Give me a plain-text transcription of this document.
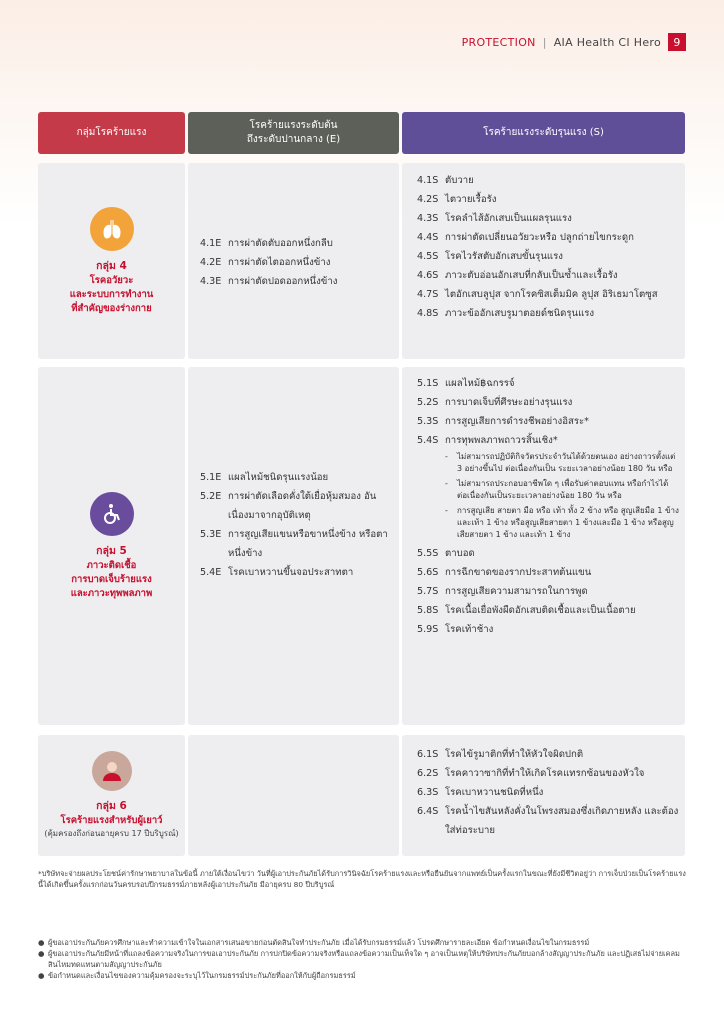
PROTECTION | AIA Health CI Hero	9
กลุ่มโรคร้ายแรง
โรคร้ายแรงระดับต้น
ถึงระดับปานกลาง (E)
โรคร้ายแรงระดับรุนแรง (S)
กลุ่ม 4
โรคอวัยวะ
และระบบการทำงาน
ที่สำคัญของร่างกาย
4.1E การผ่าตัดตับออกหนึ่งกลีบ
4.2E การผ่าตัดไตออกหนึ่งข้าง
4.3E การผ่าตัดปอดออกหนึ่งข้าง
4.1S ตับวาย
4.2S ไตวายเรื้อรัง
4.3S โรคลำไส้อักเสบเป็นแผลรุนแรง
4.4S การผ่าตัดเปลี่ยนอวัยวะหรือ ปลูกถ่ายไขกระดูก
4.5S โรคไวรัสตับอักเสบขั้นรุนแรง
4.6S ภาวะตับอ่อนอักเสบที่กลับเป็นซ้ำและเรื้อรัง
4.7S ไตอักเสบลูปุส จากโรคซิสเต็มมิค ลูปุส อิริเธมาโตซูส
4.8S ภาวะข้ออักเสบรูมาตอยด์ชนิดรุนแรง
กลุ่ม 5
ภาวะติดเชื้อ
การบาดเจ็บร้ายแรง
และภาวะทุพพลภาพ
5.1E แผลไหม้ชนิดรุนแรงน้อย
5.2E การผ่าตัดเลือดคั่งใต้เยื่อหุ้มสมอง อันเนื่องมาจากอุบัติเหตุ
5.3E การสูญเสียแขนหรือขาหนึ่งข้าง หรือตาหนึ่งข้าง
5.4E โรคเบาหวานขึ้นจอประสาทตา
5.1S แผลไหม้฿ฉกรรจ์
5.2S การบาดเจ็บที่ศีรษะอย่างรุนแรง
5.3S การสูญเสียการดำรงชีพอย่างอิสระ*
5.4S การทุพพลภาพถาวรสิ้นเชิง*
-	ไม่สามารถปฏิบัติกิจวัตรประจำวันได้ด้วยตนเอง อย่างถาวรตั้งแต่ 3 อย่างขึ้นไป ต่อเนื่องกันเป็น ระยะเวลาอย่างน้อย 180 วัน หรือ
-	ไม่สามารถประกอบอาชีพใด ๆ เพื่อรับค่าตอบแทน หรือกำไรได้ ต่อเนื่องกันเป็นระยะเวลาอย่างน้อย 180 วัน หรือ
-	การสูญเสีย สายตา มือ หรือ เท้า ทั้ง 2 ข้าง หรือ สูญเสียมือ 1 ข้างและเท้า 1 ข้าง หรือสูญเสียสายตา 1 ข้างและมือ 1 ข้าง หรือสูญเสียสายตา 1 ข้าง และเท้า 1 ข้าง
5.5S ตาบอด
5.6S การฉีกขาดของรากประสาทต้นแขน
5.7S การสูญเสียความสามารถในการพูด
5.8S โรคเนื้อเยื่อพังผืดอักเสบติดเชื้อและเป็นเนื้อตาย
5.9S โรคเท้าช้าง
กลุ่ม 6
โรคร้ายแรงสำหรับผู้เยาว์
(คุ้มครองถึงก่อนอายุครบ 17 ปีบริบูรณ์)
6.1S โรคไข้รูมาติกที่ทำให้หัวใจผิดปกติ
6.2S โรคคาวาซากิที่ทำให้เกิดโรคแทรกซ้อนของหัวใจ
6.3S โรคเบาหวานชนิดที่หนึ่ง
6.4S โรคน้ำไขสันหลังคั่งในโพรงสมองซึ่งเกิดภายหลัง และต้องใส่ท่อระบาย
*บริษัทจะจ่ายผลประโยชน์ค่ารักษาพยาบาลในข้อนี้ ภายใต้เงื่อนไขว่า วันที่ผู้เอาประกันภัยได้รับการวินิจฉัยโรคร้ายแรงและหรือยืนยันจากแพทย์เป็นครั้งแรกในขณะที่ยังมีชีวิตอยู่ว่า การเจ็บป่วยเป็นโรคร้ายแรงนี้ได้เกิดขึ้นครั้งแรกก่อนวันครบรอบปีกรมธรรม์ภายหลังผู้เอาประกันภัย มีอายุครบ 80 ปีบริบูรณ์
● ผู้ขอเอาประกันภัยควรศึกษาและทำความเข้าใจในเอกสารเสนอขายก่อนตัดสินใจทำประกันภัย เมื่อได้รับกรมธรรม์แล้ว โปรดศึกษารายละเอียด ข้อกำหนดเงื่อนไขในกรมธรรม์
● ผู้ขอเอาประกันภัยมีหน้าที่แถลงข้อความจริงในการขอเอาประกันภัย การปกปิดข้อความจริงหรือแถลงข้อความเป็นเท็จใด ๆ อาจเป็นเหตุให้บริษัทประกันภัยบอกล้างสัญญาประกันภัย และปฏิเสธไม่จ่ายเคลมสินไหมทดแทนตามสัญญาประกันภัย
● ข้อกำหนดและเงื่อนไขของความคุ้มครองจะระบุไว้ในกรมธรรม์ประกันภัยที่ออกให้กับผู้ถือกรมธรรม์
